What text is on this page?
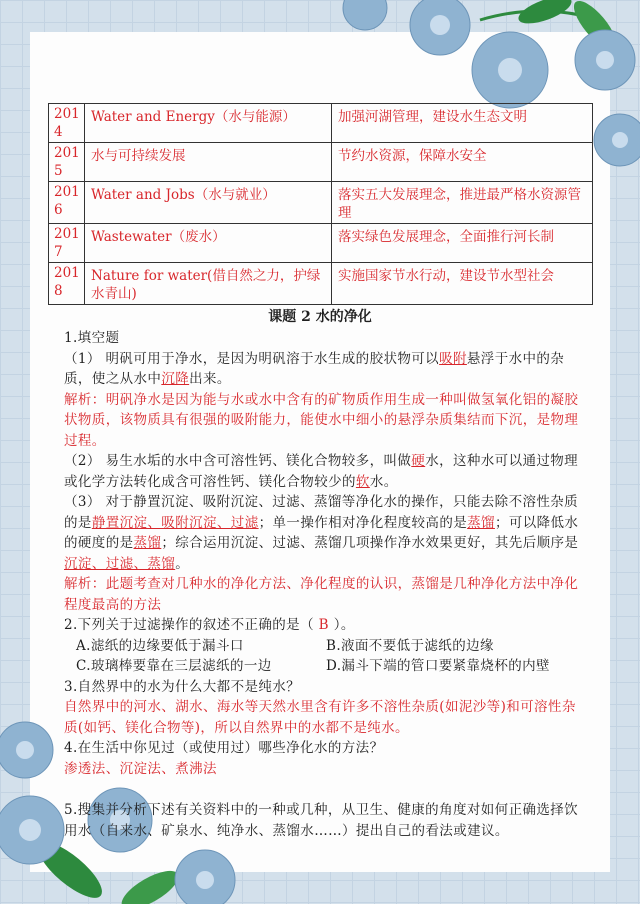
2014	Water and Energy（水与能源）	加强河湖管理，建设水生态文明
2015	水与可持续发展	节约水资源，保障水安全
2016	Water and Jobs（水与就业）	落实五大发展理念，推进最严格水资源管理
2017	Wastewater（废水）	落实绿色发展理念，全面推行河长制
2018	Nature for water(借自然之力，护绿水青山)	实施国家节水行动，建设节水型社会
课题 2 水的净化

1.填空题

（1） 明矾可用于净水，是因为明矾溶于水生成的胶状物可以吸附悬浮于水中的杂质，使之从水中沉降出来。

解析：明矾净水是因为能与水或水中含有的矿物质作用生成一种叫做氢氧化铝的凝胶状物质，该物质具有很强的吸附能力，能使水中细小的悬浮杂质集结而下沉，是物理过程。

（2） 易生水垢的水中含可溶性钙、镁化合物较多，叫做硬水，这种水可以通过物理或化学方法转化成含可溶性钙、镁化合物较少的软水。

（3） 对于静置沉淀、吸附沉淀、过滤、蒸馏等净化水的操作，只能去除不溶性杂质的是静置沉淀、吸附沉淀、过滤；单一操作相对净化程度较高的是蒸馏；可以降低水的硬度的是蒸馏；综合运用沉淀、过滤、蒸馏几项操作净水效果更好，其先后顺序是沉淀、过滤、蒸馏。

解析：此题考查对几种水的净化方法、净化程度的认识，蒸馏是几种净化方法中净化程度最高的方法

2.下列关于过滤操作的叙述不正确的是（ B ）。

A.滤纸的边缘要低于漏斗口	B.液面不要低于滤纸的边缘
C.玻璃棒要靠在三层滤纸的一边	D.漏斗下端的管口要紧靠烧杯的内壁

3.自然界中的水为什么大都不是纯水？

自然界中的河水、湖水、海水等天然水里含有许多不溶性杂质(如泥沙等)和可溶性杂质(如钙、镁化合物等)，所以自然界中的水都不是纯水。

4.在生活中你见过（或使用过）哪些净化水的方法？

渗透法、沉淀法、煮沸法

5.搜集并分析下述有关资料中的一种或几种，从卫生、健康的角度对如何正确选择饮用水（自来水、矿泉水、纯净水、蒸馏水……）提出自己的看法或建议。
